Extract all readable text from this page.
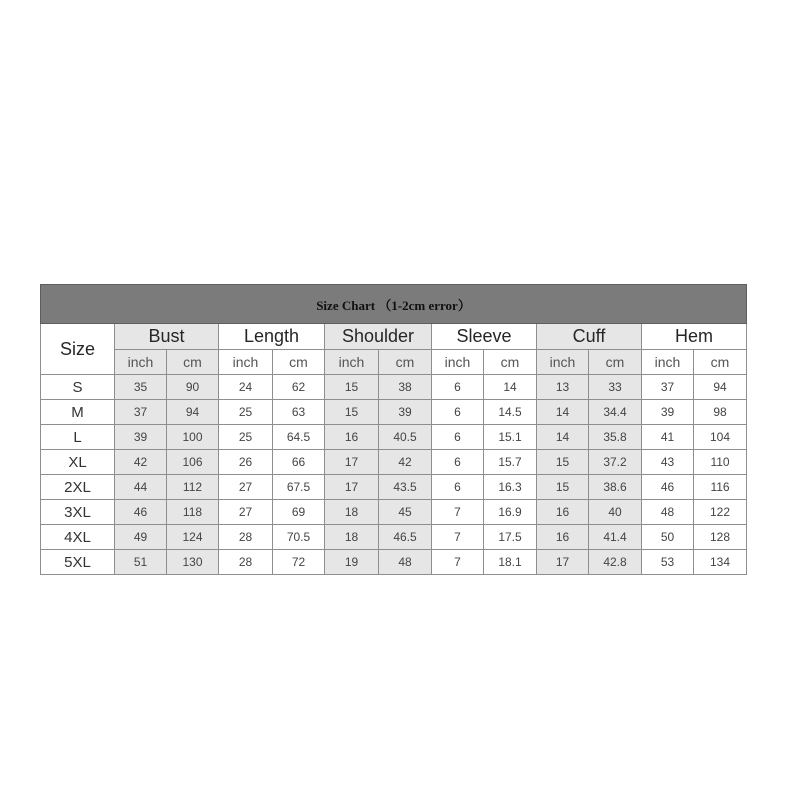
Size Chart （1-2cm error）												
Size	Bust		Length		Shoulder		Sleeve		Cuff		Hem	
	inch	cm	inch	cm	inch	cm	inch	cm	inch	cm	inch	cm
S	35	90	24	62	15	38	6	14	13	33	37	94
M	37	94	25	63	15	39	6	14.5	14	34.4	39	98
L	39	100	25	64.5	16	40.5	6	15.1	14	35.8	41	104
XL	42	106	26	66	17	42	6	15.7	15	37.2	43	110
2XL	44	112	27	67.5	17	43.5	6	16.3	15	38.6	46	116
3XL	46	118	27	69	18	45	7	16.9	16	40	48	122
4XL	49	124	28	70.5	18	46.5	7	17.5	16	41.4	50	128
5XL	51	130	28	72	19	48	7	18.1	17	42.8	53	134
